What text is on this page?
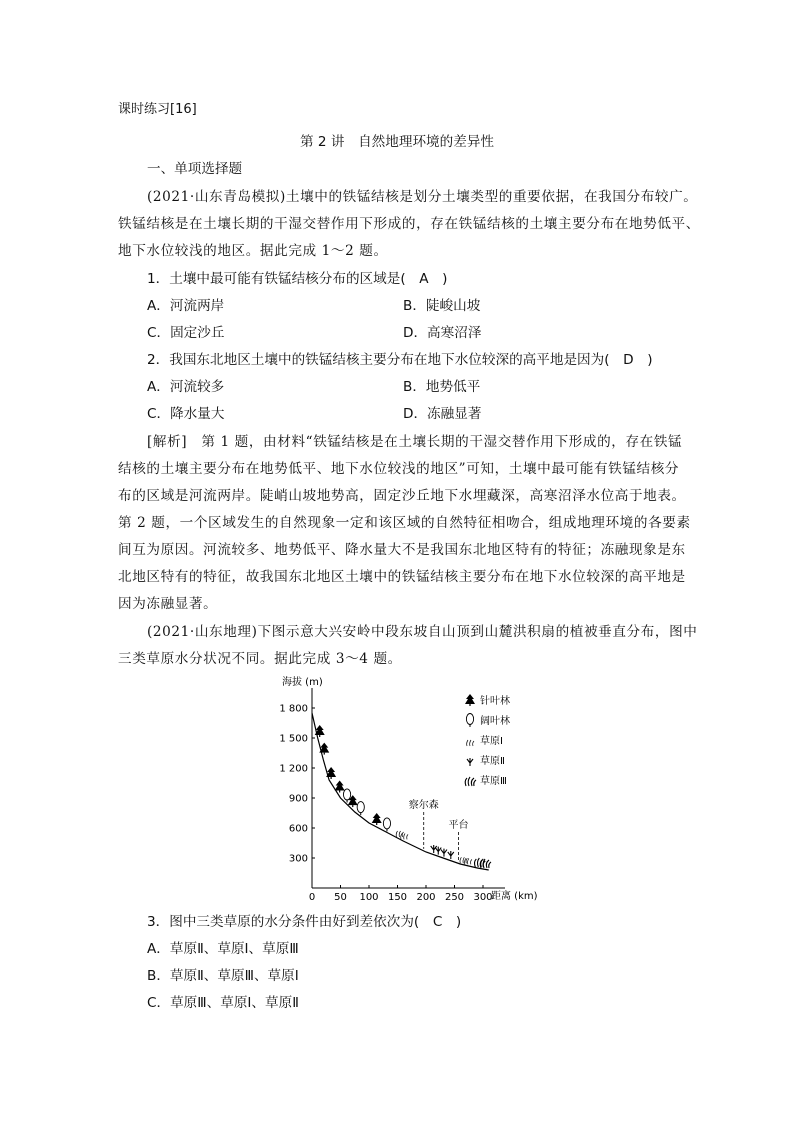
课时练习[16]
第 2 讲　自然地理环境的差异性
一、单项选择题
(2021·山东青岛模拟)土壤中的铁锰结核是划分土壤类型的重要依据，在我国分布较广。
铁锰结核是在土壤长期的干湿交替作用下形成的，存在铁锰结核的土壤主要分布在地势低平、
地下水位较浅的地区。据此完成 1～2 题。
1．土壤中最可能有铁锰结核分布的区域是(　A　)
A．河流两岸	B．陡峻山坡
C．固定沙丘	D．高寒沼泽
2．我国东北地区土壤中的铁锰结核主要分布在地下水位较深的高平地是因为(　D　)
A．河流较多	B．地势低平
C．降水量大	D．冻融显著
[解析]　第 1 题，由材料“铁锰结核是在土壤长期的干湿交替作用下形成的，存在铁锰
结核的土壤主要分布在地势低平、地下水位较浅的地区”可知，土壤中最可能有铁锰结核分
布的区域是河流两岸。陡峭山坡地势高，固定沙丘地下水埋藏深，高寒沼泽水位高于地表。
第 2 题，一个区域发生的自然现象一定和该区域的自然特征相吻合，组成地理环境的各要素
间互为原因。河流较多、地势低平、降水量大不是我国东北地区特有的特征；冻融现象是东
北地区特有的特征，故我国东北地区土壤中的铁锰结核主要分布在地下水位较深的高平地是
因为冻融显著。
(2021·山东地理)下图示意大兴安岭中段东坡自山顶到山麓洪积扇的植被垂直分布，图中
三类草原水分状况不同。据此完成 3～4 题。
1 800
1 500
1 200
900
600
300
0 50 100 150 200 250 300
察尔森
平台
针叶林
阔叶林
草原Ⅰ
草原Ⅱ
草原Ⅲ
海拔 (m)
距离 (km)
3．图中三类草原的水分条件由好到差依次为(　C　)
A．草原Ⅱ、草原Ⅰ、草原Ⅲ
B．草原Ⅱ、草原Ⅲ、草原Ⅰ
C．草原Ⅲ、草原Ⅰ、草原Ⅱ
